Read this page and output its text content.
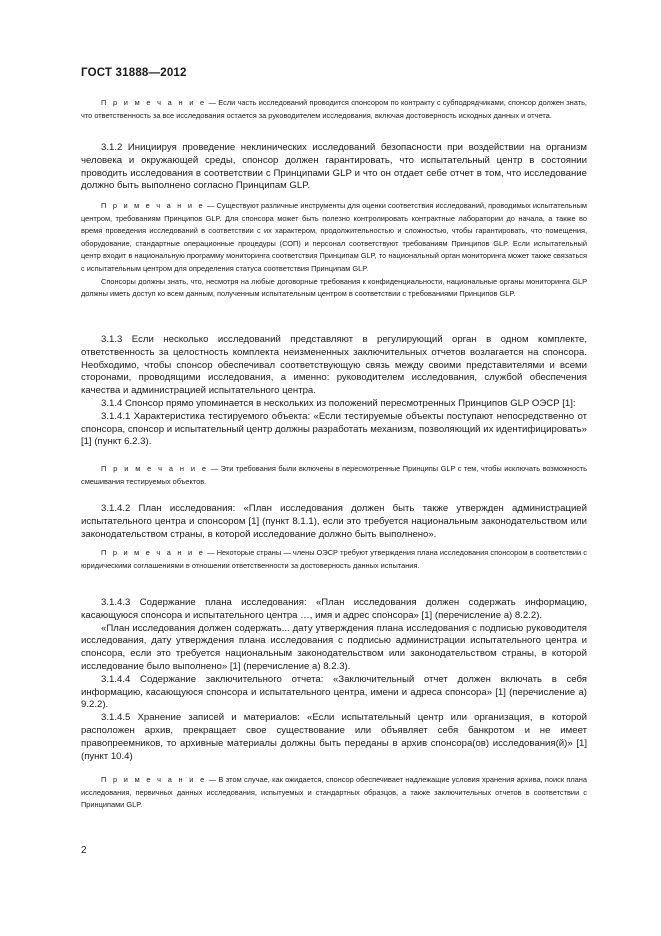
ГОСТ 31888—2012

П р и м е ч а н и е — Если часть исследований проводится спонсором по контракту с субподрядчиками, спонсор должен знать, что ответственность за все исследования остается за руководителем исследования, включая достоверность исходных данных и отчета.

3.1.2 Инициируя проведение неклинических исследований безопасности при воздействии на организм человека и окружающей среды, спонсор должен гарантировать, что испытательный центр в состоянии проводить исследования в соответствии с Принципами GLP и что он отдает себе отчет в том, что исследование должно быть выполнено согласно Принципам GLP.

П р и м е ч а н и е — Существуют различные инструменты для оценки соответствия исследований, проводимых испытательным центром, требованиям Принципов GLP. Для спонсора может быть полезно контролировать контрактные лаборатории до начала, а также во время проведения исследований в соответствии с их характером, продолжительностью и сложностью, чтобы гарантировать, что помещения, оборудование, стандартные операционные процедуры (СОП) и персонал соответствуют требованиям Принципов GLP. Если испытательный центр входит в национальную программу мониторинга соответствия Принципам GLP, то национальный орган мониторинга может также связаться с испытательным центром для определения статуса соответствия Принципам GLP.

Спонсоры должны знать, что, несмотря на любые договорные требования к конфиденциальности, национальные органы мониторинга GLP должны иметь доступ ко всем данным, полученным испытательным центром в соответствии с требованиями Принципов GLP.

3.1.3 Если несколько исследований представляют в регулирующий орган в одном комплекте, ответственность за целостность комплекта неизмененных заключительных отчетов возлагается на спонсора. Необходимо, чтобы спонсор обеспечивал соответствующую связь между своими представителями и всеми сторонами, проводящими исследования, а именно: руководителем исследования, службой обеспечения качества и администрацией испытательного центра.

3.1.4 Спонсор прямо упоминается в нескольких из положений пересмотренных Принципов GLP ОЭСР [1]:

3.1.4.1 Характеристика тестируемого объекта: «Если тестируемые объекты поступают непосредственно от спонсора, спонсор и испытательный центр должны разработать механизм, позволяющий их идентифицировать» [1] (пункт 6.2.3).

П р и м е ч а н и е — Эти требования были включены в пересмотренные Принципы GLP с тем, чтобы исключать возможность смешивания тестируемых объектов.

3.1.4.2 План исследования: «План исследования должен быть также утвержден администрацией испытательного центра и спонсором [1] (пункт 8.1.1), если это требуется национальным законодательством или законодательством страны, в которой исследование должно быть выполнено».

П р и м е ч а н и е — Некоторые страны — члены ОЭСР требуют утверждения плана исследования спонсором в соответствии с юридическими соглашениями в отношении ответственности за достоверность данных испытания.

3.1.4.3 Содержание плана исследования: «План исследования должен содержать информацию, касающуюся спонсора и испытательного центра …, имя и адрес спонсора» [1] (перечисление а) 8.2.2).

«План исследования должен содержать... дату утверждения плана исследования с подписью руководителя исследования, дату утверждения плана исследования с подписью администрации испытательного центра и спонсора, если это требуется национальным законодательством или законодательством страны, в которой исследование было выполнено» [1] (перечисление а) 8.2.3).

3.1.4.4 Содержание заключительного отчета: «Заключительный отчет должен включать в себя информацию, касающуюся спонсора и испытательного центра, имени и адреса спонсора» [1] (перечисление а) 9.2.2).

3.1.4.5 Хранение записей и материалов: «Если испытательный центр или организация, в которой расположен архив, прекращает свое существование или объявляет себя банкротом и не имеет правопреемников, то архивные материалы должны быть переданы в архив спонсора(ов) исследования(й)» [1] (пункт 10.4)

П р и м е ч а н и е — В этом случае, как ожидается, спонсор обеспечивает надлежащие условия хранения архива, поиск плана исследования, первичных данных исследования, испытуемых и стандартных образцов, а также заключительных отчетов в соответствии с Принципами GLP.

2
